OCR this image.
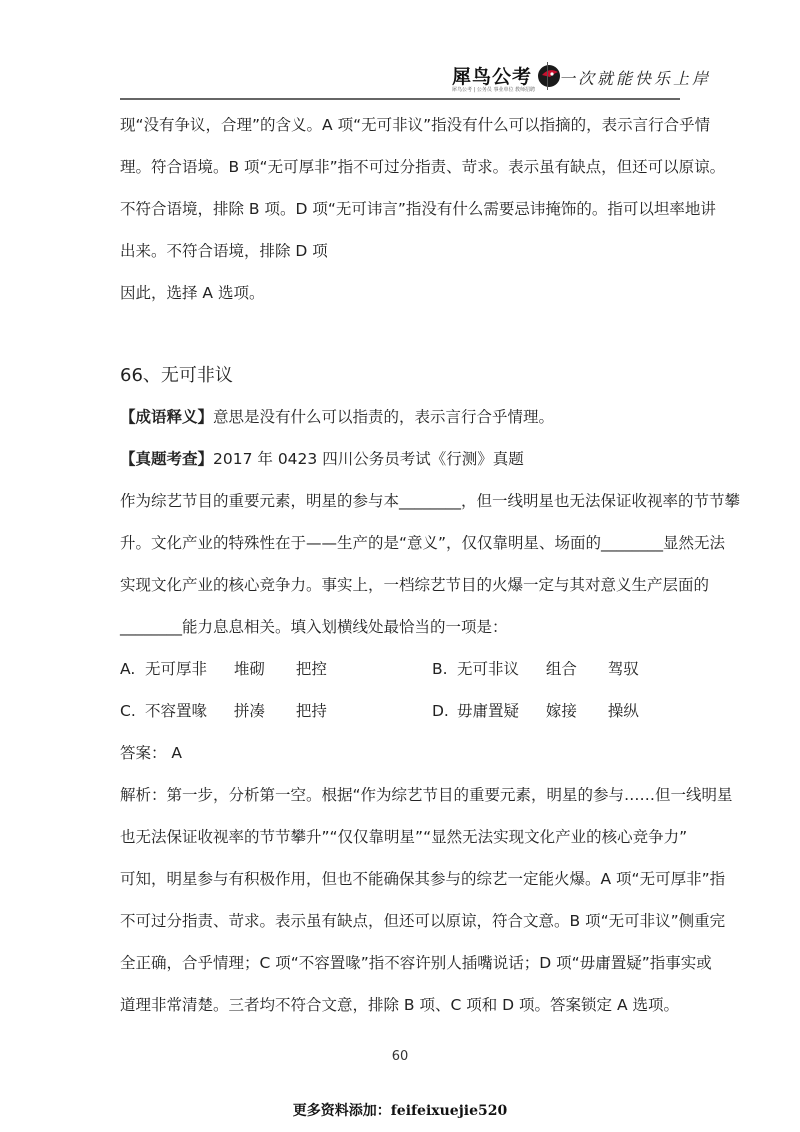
犀鸟公考
犀鸟公考 | 公务员 事业单位 教师招聘
一次就能快乐上岸
现“没有争议，合理”的含义。A 项“无可非议”指没有什么可以指摘的，表示言行合乎情
理。符合语境。B 项“无可厚非”指不可过分指责、苛求。表示虽有缺点，但还可以原谅。
不符合语境，排除 B 项。D 项“无可讳言”指没有什么需要忌讳掩饰的。指可以坦率地讲
出来。不符合语境，排除 D 项
因此，选择 A 选项。
66、无可非议
【成语释义】意思是没有什么可以指责的，表示言行合乎情理。
【真题考查】2017 年 0423 四川公务员考试《行测》真题
作为综艺节目的重要元素，明星的参与本________，但一线明星也无法保证收视率的节节攀
升。文化产业的特殊性在于——生产的是“意义”，仅仅靠明星、场面的________显然无法
实现文化产业的核心竞争力。事实上，一档综艺节目的火爆一定与其对意义生产层面的
________能力息息相关。填入划横线处最恰当的一项是：
A. 无可厚非 堆砌 把控	B. 无可非议 组合 驾驭
C. 不容置喙 拼凑 把持	D. 毋庸置疑 嫁接 操纵
答案： A
解析：第一步，分析第一空。根据“作为综艺节目的重要元素，明星的参与……但一线明星
也无法保证收视率的节节攀升”“仅仅靠明星”“显然无法实现文化产业的核心竞争力”
可知，明星参与有积极作用，但也不能确保其参与的综艺一定能火爆。A 项“无可厚非”指
不可过分指责、苛求。表示虽有缺点，但还可以原谅，符合文意。B 项“无可非议”侧重完
全正确，合乎情理；C 项“不容置喙”指不容许别人插嘴说话；D 项“毋庸置疑”指事实或
道理非常清楚。三者均不符合文意，排除 B 项、C 项和 D 项。答案锁定 A 选项。
60
更多资料添加：feifeixuejie520
